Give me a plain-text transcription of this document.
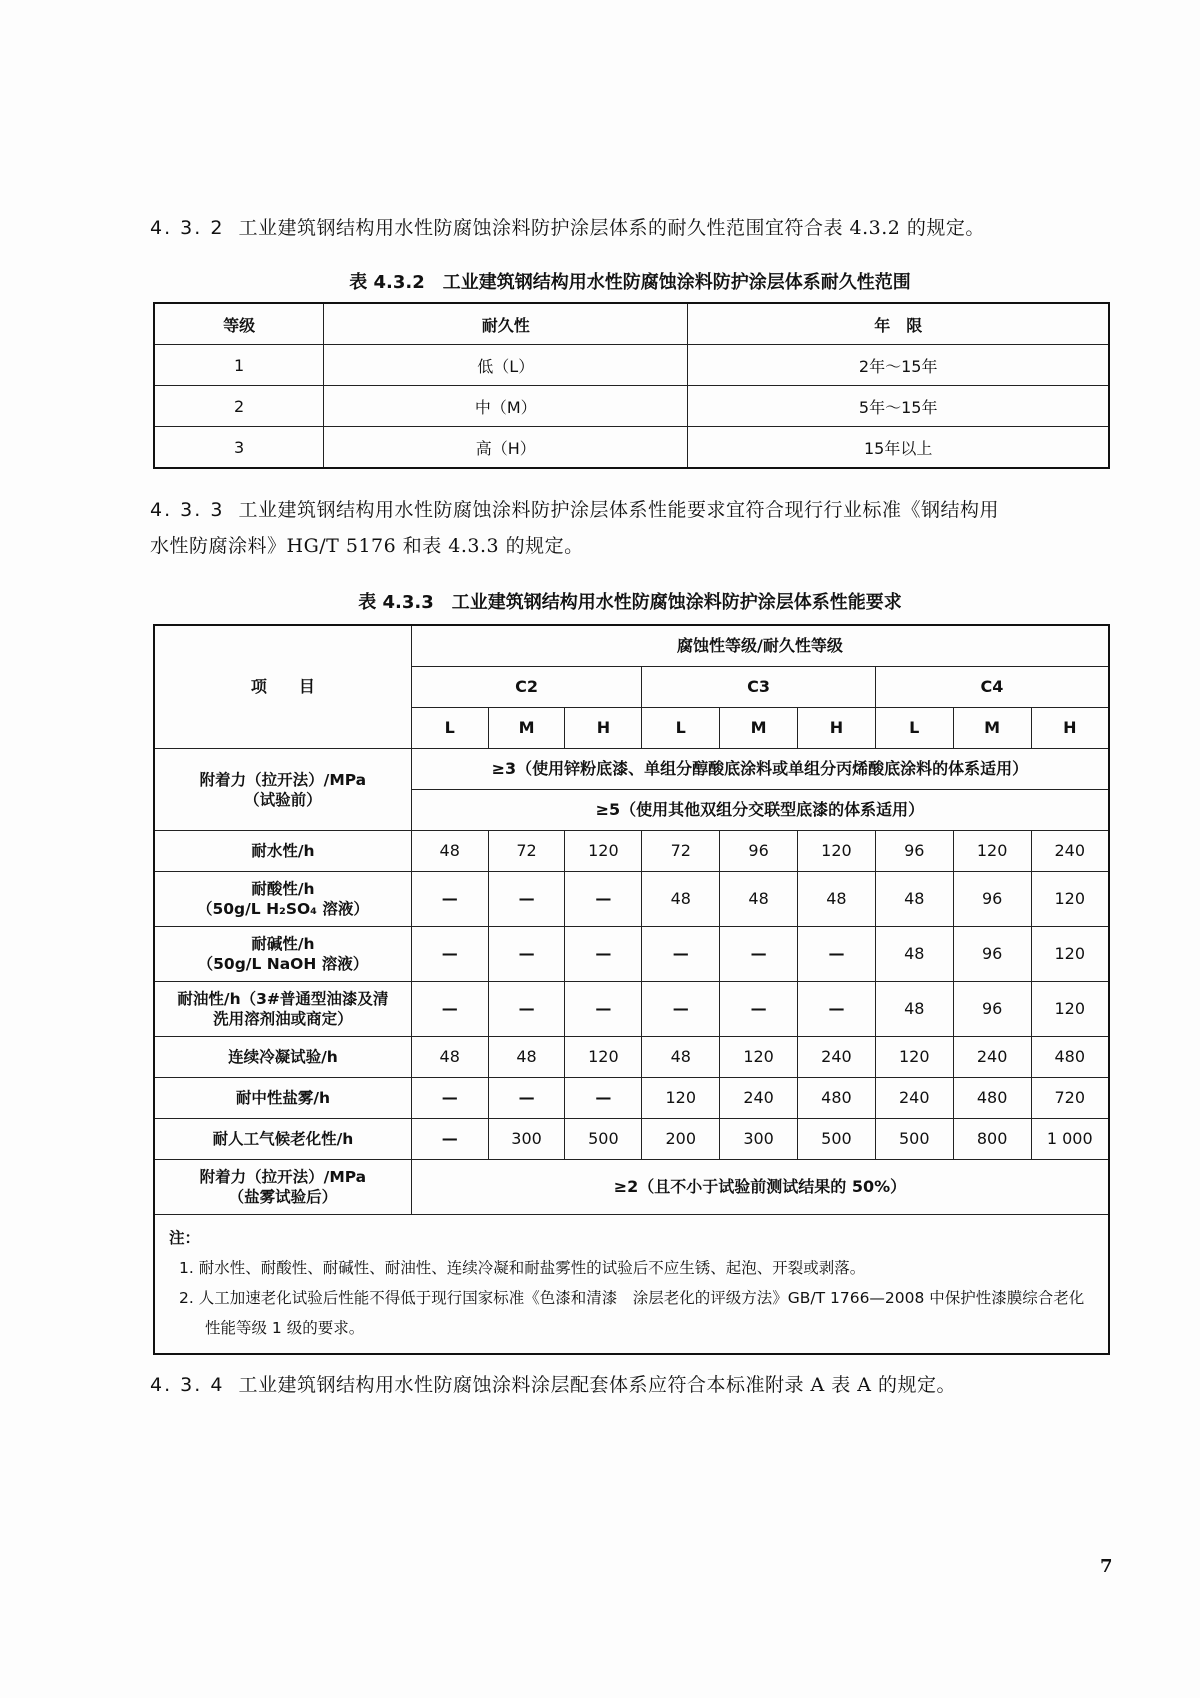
4. 3. 2 工业建筑钢结构用水性防腐蚀涂料防护涂层体系的耐久性范围宜符合表 4.3.2 的规定。

表 4.3.2 工业建筑钢结构用水性防腐蚀涂料防护涂层体系耐久性范围

等级	耐久性	年　限
1	低（L）	2年～15年
2	中（M）	5年～15年
3	高（H）	15年以上

4. 3. 3 工业建筑钢结构用水性防腐蚀涂料防护涂层体系性能要求宜符合现行行业标准《钢结构用
水性防腐涂料》HG/T 5176 和表 4.3.3 的规定。

表 4.3.3 工业建筑钢结构用水性防腐蚀涂料防护涂层体系性能要求

项　　目	腐蚀性等级/耐久性等级								
	C2			C3			C4		
	L	M	H	L	M	H	L	M	H

附着力（拉开法）/MPa
（试验前）	≥3（使用锌粉底漆、单组分醇酸底涂料或单组分丙烯酸底涂料的体系适用）								
	≥5（使用其他双组分交联型底漆的体系适用）								

耐水性/h	48	72	120	72	96	120	96	120	240

耐酸性/h
（50g/L H₂SO₄ 溶液）	—	—	—	48	48	48	48	96	120

耐碱性/h
（50g/L NaOH 溶液）	—	—	—	—	—	—	48	96	120

耐油性/h（3#普通型油漆及清
洗用溶剂油或商定）	—	—	—	—	—	—	48	96	120

连续冷凝试验/h	48	48	120	48	120	240	120	240	480

耐中性盐雾/h	—	—	—	120	240	480	240	480	720

耐人工气候老化性/h	—	300	500	200	300	500	500	800	1 000

附着力（拉开法）/MPa
（盐雾试验后）	≥2（且不小于试验前测试结果的 50%）								

注：
1. 耐水性、耐酸性、耐碱性、耐油性、连续冷凝和耐盐雾性的试验后不应生锈、起泡、开裂或剥落。
2. 人工加速老化试验后性能不得低于现行国家标准《色漆和清漆　涂层老化的评级方法》GB/T 1766—2008 中保护性漆膜综合老化性能等级 1 级的要求。									

4. 3. 4 工业建筑钢结构用水性防腐蚀涂料涂层配套体系应符合本标准附录 A 表 A 的规定。

7
